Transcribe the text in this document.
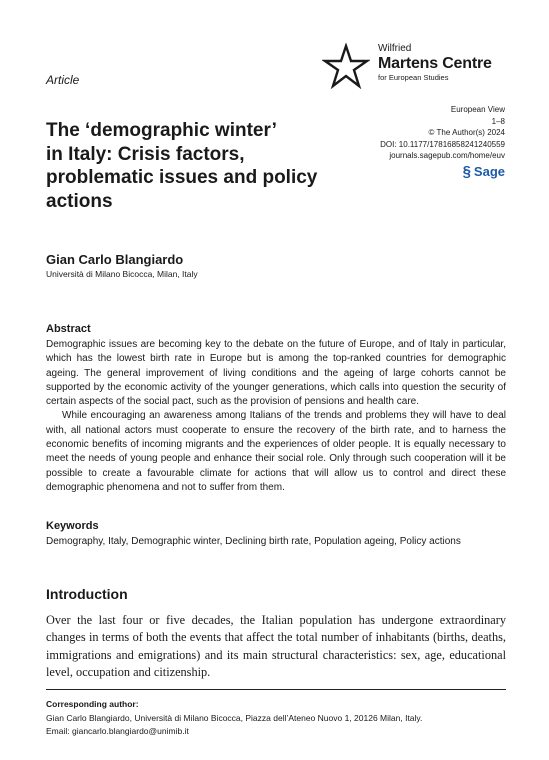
Article
Wilfried
Martens Centre
for European Studies
European View
1–8
© The Author(s) 2024
DOI: 10.1177/17816858241240559
journals.sagepub.com/home/euv
§ Sage
The ‘demographic winter’
in Italy: Crisis factors,
problematic issues and policy
actions
Gian Carlo Blangiardo
Università di Milano Bicocca, Milan, Italy
Abstract

Demographic issues are becoming key to the debate on the future of Europe, and of Italy in particular, which has the lowest birth rate in Europe but is among the top-ranked countries for demographic ageing. The general improvement of living conditions and the ageing of large cohorts cannot be supported by the economic activity of the younger generations, which calls into question the security of certain aspects of the social pact, such as the provision of pensions and health care.

While encouraging an awareness among Italians of the trends and problems they will have to deal with, all national actors must cooperate to ensure the recovery of the birth rate, and to harness the economic benefits of incoming migrants and the experiences of older people. It is equally necessary to meet the needs of young people and enhance their social role. Only through such cooperation will it be possible to create a favourable climate for actions that will allow us to control and direct these demographic phenomena and not to suffer from them.

Keywords
Demography, Italy, Demographic winter, Declining birth rate, Population ageing, Policy actions
Introduction
Over the last four or five decades, the Italian population has undergone extraordinary changes in terms of both the events that affect the total number of inhabitants (births, deaths, immigrations and emigrations) and its main structural characteristics: sex, age, educational level, occupation and citizenship.
Corresponding author:
Gian Carlo Blangiardo, Università di Milano Bicocca, Piazza dell’Ateneo Nuovo 1, 20126 Milan, Italy.
Email: giancarlo.blangiardo@unimib.it
